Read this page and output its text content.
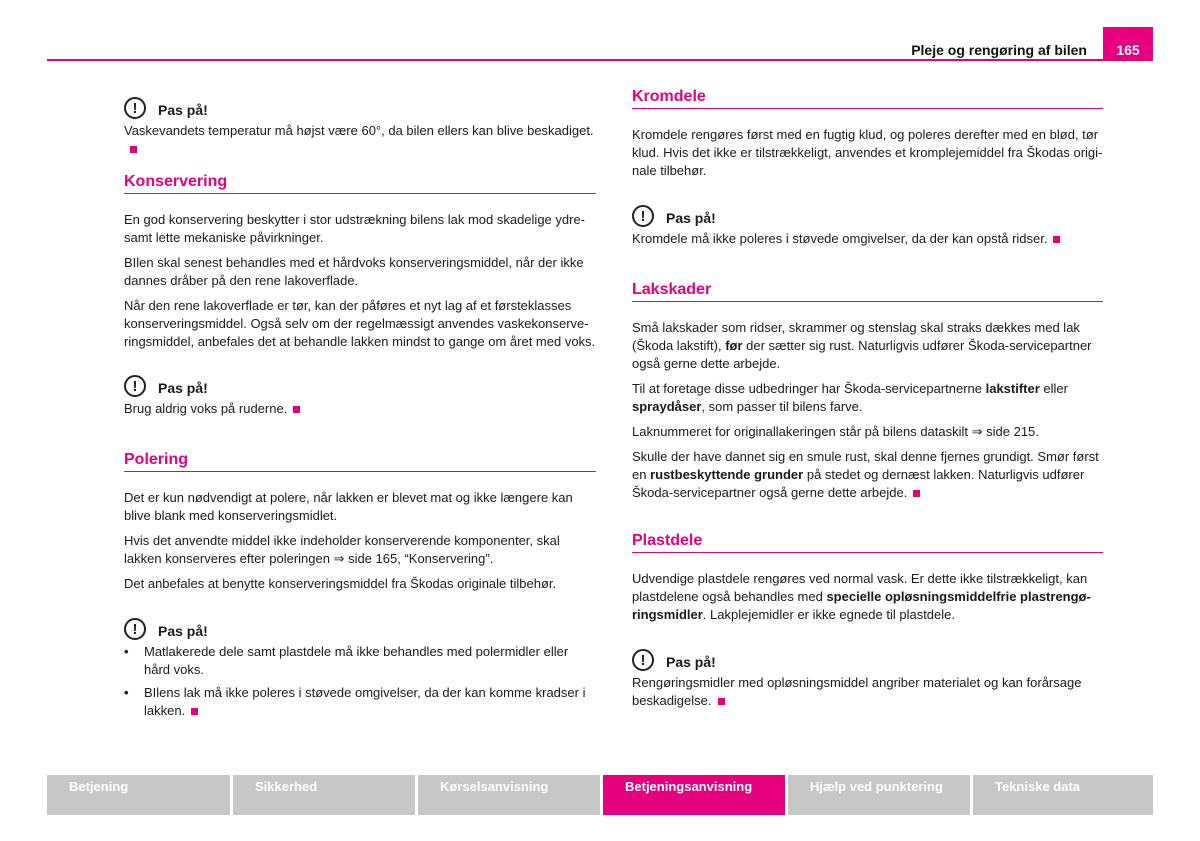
Pleje og rengøring af bilen	165
!	Pas på!

Vaskevandets temperatur må højst være 60°, da bilen ellers kan blive beskadiget.

Konservering

En god konservering beskytter i stor udstrækning bilens lak mod skadelige ydre-samt lette mekaniske påvirkninger.

BIlen skal senest behandles med et hårdvoks konserveringsmiddel, når der ikke dannes dråber på den rene lakoverflade.

Når den rene lakoverflade er tør, kan der påføres et nyt lag af et førsteklasses konserveringsmiddel. Også selv om der regelmæssigt anvendes vaskekonserve-ringsmiddel, anbefales det at behandle lakken mindst to gange om året med voks.

!	Pas på!

Brug aldrig voks på ruderne.

Polering

Det er kun nødvendigt at polere, når lakken er blevet mat og ikke længere kan blive blank med konserveringsmidlet.

Hvis det anvendte middel ikke indeholder konserverende komponenter, skal lakken konserveres efter poleringen ⇒ side 165, “Konservering”.

Det anbefales at benytte konserveringsmiddel fra Škodas originale tilbehør.

!	Pas på!
•	Matlakerede dele samt plastdele må ikke behandles med polermidler eller hård voks.
•	BIlens lak må ikke poleres i støvede omgivelser, da der kan komme kradser i lakken.
Kromdele

Kromdele rengøres først med en fugtig klud, og poleres derefter med en blød, tør klud. Hvis det ikke er tilstrækkeligt, anvendes et kromplejemiddel fra Škodas origi-nale tilbehør.

!	Pas på!

Kromdele må ikke poleres i støvede omgivelser, da der kan opstå ridser.

Lakskader

Små lakskader som ridser, skrammer og stenslag skal straks dækkes med lak (Škoda lakstift), før der sætter sig rust. Naturligvis udfører Škoda-servicepartner også gerne dette arbejde.

Til at foretage disse udbedringer har Škoda-servicepartnerne lakstifter eller spraydåser, som passer til bilens farve.

Laknummeret for originallakeringen står på bilens dataskilt ⇒ side 215.

Skulle der have dannet sig en smule rust, skal denne fjernes grundigt. Smør først en rustbeskyttende grunder på stedet og dernæst lakken. Naturligvis udfører Škoda-servicepartner også gerne dette arbejde.

Plastdele

Udvendige plastdele rengøres ved normal vask. Er dette ikke tilstrækkeligt, kan plastdelene også behandles med specielle opløsningsmiddelfrie plastrengø-ringsmidler. Lakplejemidler er ikke egnede til plastdele.

!	Pas på!

Rengøringsmidler med opløsningsmiddel angriber materialet og kan forårsage beskadigelse.

Betjening	Sikkerhed	Kørselsanvisning	Betjeningsanvisning	Hjælp ved punktering	Tekniske data
